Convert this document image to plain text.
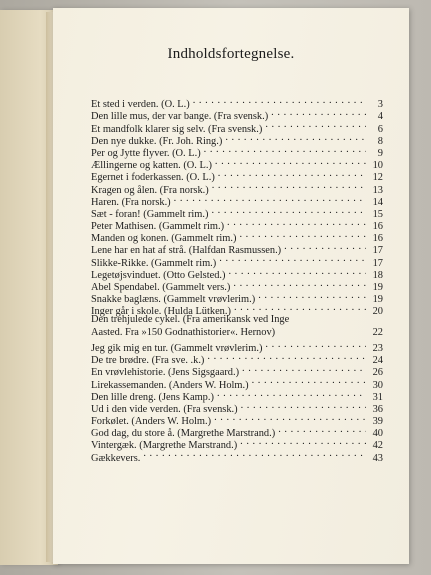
Indholdsfortegnelse.
Et sted i verden. (O. L.) . . .	3
Den lille mus, der var bange. (Fra svensk.) . . .	4
Et mandfolk klarer sig selv. (Fra svensk.) . . .	6
Den nye dukke. (Fr. Joh. Ring.) . . .	8
Per og Jytte flyver. (O. L.) . . .	9
Ællingerne og katten. (O. L.) . . .	10
Egernet i foderkassen. (O. L.) . . .	12
Kragen og ålen. (Fra norsk.) . . .	13
Haren. (Fra norsk.) . . .	14
Sæt - foran! (Gammelt rim.) . . .	15
Peter Mathisen. (Gammelt rim.) . . .	16
Manden og konen. (Gammelt rim.) . . .	16
Lene har en hat af strå. (Halfdan Rasmussen.) . . .	17
Slikke-Rikke. (Gammelt rim.) . . .	17
Legetøjsvinduet. (Otto Gelsted.) . . .	18
Abel Spendabel. (Gammelt vers.) . . .	19
Snakke baglæns. (Gammelt vrøvlerim.) . . .	19
Inger går i skole. (Hulda Lütken.) . . .	20
Den trehjulede cykel. (Fra amerikansk ved Inge
Aasted. Fra »150 Godnathistorier«. Hernov)	22
Jeg gik mig en tur. (Gammelt vrøvlerim.) . . .	23
De tre brødre. (Fra sve. .k.) . . .	24
En vrøvlehistorie. (Jens Sigsgaard.) . . .	26
Lirekassemanden. (Anders W. Holm.) . . .	30
Den lille dreng. (Jens Kamp.) . . .	31
Ud i den vide verden. (Fra svensk.) . . .	36
Forkølet. (Anders W. Holm.) . . .	39
God dag, du store å. (Margrethe Marstrand.) . . .	40
Vintergæk. (Margrethe Marstrand.) . . .	42
Gækkevers. . . .	43
